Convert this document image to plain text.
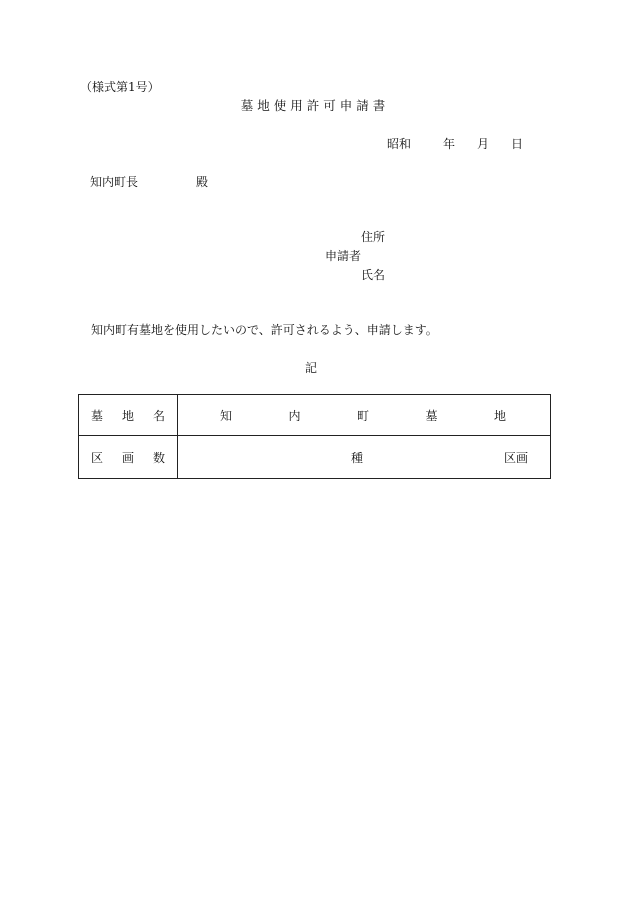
（様式第1号）
墓地使用許可申請書
昭和	年 月 日
知内町長	殿
住所
申請者
氏名
知内町有墓地を使用したいので、許可されるよう、申請します。
記
墓 地 名	知 内 町 墓 地

区 画 数	種 区画
